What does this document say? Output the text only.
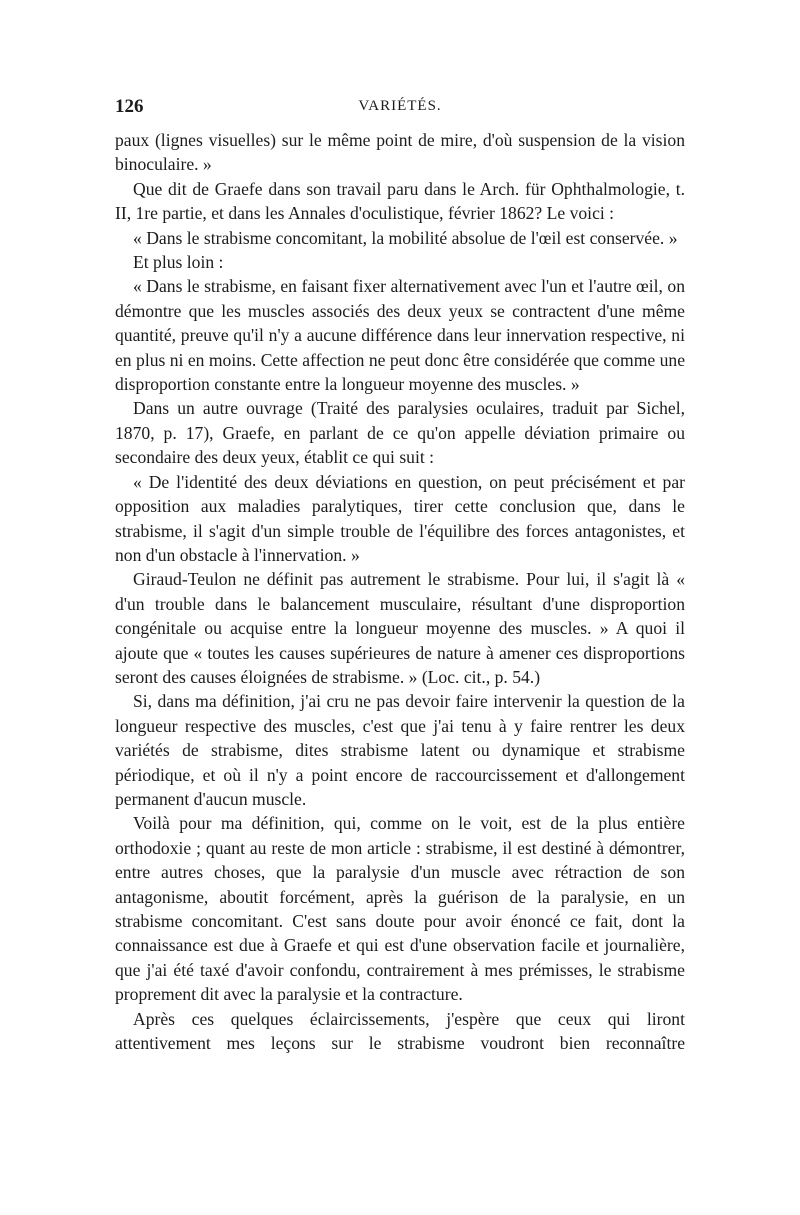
126	VARIÉTÉS.

paux (lignes visuelles) sur le même point de mire, d'où suspension de la vision binoculaire. »

Que dit de Graefe dans son travail paru dans le Arch. für Ophthalmologie, t. II, 1re partie, et dans les Annales d'oculistique, février 1862? Le voici :

« Dans le strabisme concomitant, la mobilité absolue de l'œil est conservée. »

Et plus loin :

« Dans le strabisme, en faisant fixer alternativement avec l'un et l'autre œil, on démontre que les muscles associés des deux yeux se contractent d'une même quantité, preuve qu'il n'y a aucune différence dans leur innervation respective, ni en plus ni en moins. Cette affection ne peut donc être considérée que comme une disproportion constante entre la longueur moyenne des muscles. »

Dans un autre ouvrage (Traité des paralysies oculaires, traduit par Sichel, 1870, p. 17), Graefe, en parlant de ce qu'on appelle déviation primaire ou secondaire des deux yeux, établit ce qui suit :

« De l'identité des deux déviations en question, on peut précisément et par opposition aux maladies paralytiques, tirer cette conclusion que, dans le strabisme, il s'agit d'un simple trouble de l'équilibre des forces antagonistes, et non d'un obstacle à l'innervation. »

Giraud-Teulon ne définit pas autrement le strabisme. Pour lui, il s'agit là « d'un trouble dans le balancement musculaire, résultant d'une disproportion congénitale ou acquise entre la longueur moyenne des muscles. » A quoi il ajoute que « toutes les causes supérieures de nature à amener ces disproportions seront des causes éloignées de strabisme. » (Loc. cit., p. 54.)

Si, dans ma définition, j'ai cru ne pas devoir faire intervenir la question de la longueur respective des muscles, c'est que j'ai tenu à y faire rentrer les deux variétés de strabisme, dites strabisme latent ou dynamique et strabisme périodique, et où il n'y a point encore de raccourcissement et d'allongement permanent d'aucun muscle.

Voilà pour ma définition, qui, comme on le voit, est de la plus entière orthodoxie ; quant au reste de mon article : strabisme, il est destiné à démontrer, entre autres choses, que la paralysie d'un muscle avec rétraction de son antagonisme, aboutit forcément, après la guérison de la paralysie, en un strabisme concomitant. C'est sans doute pour avoir énoncé ce fait, dont la connaissance est due à Graefe et qui est d'une observation facile et journalière, que j'ai été taxé d'avoir confondu, contrairement à mes prémisses, le strabisme proprement dit avec la paralysie et la contracture.

Après ces quelques éclaircissements, j'espère que ceux qui liront attentivement mes leçons sur le strabisme voudront bien reconnaître
